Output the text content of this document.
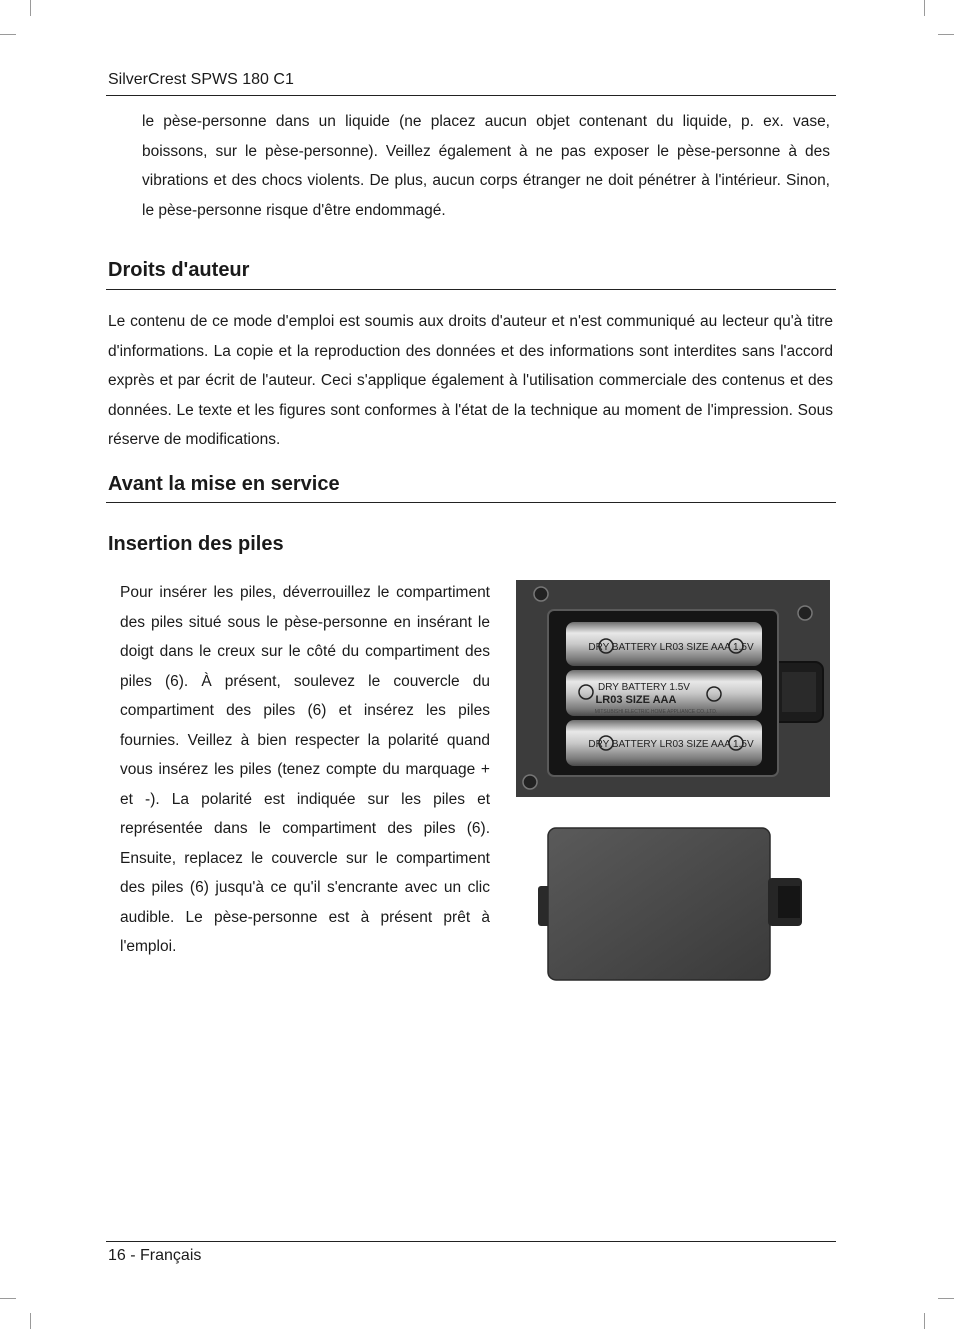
SilverCrest SPWS 180 C1

le pèse-personne dans un liquide (ne placez aucun objet contenant du liquide, p. ex. vase, boissons, sur le pèse-personne). Veillez également à ne pas exposer le pèse-personne à des vibrations et des chocs violents. De plus, aucun corps étranger ne doit pénétrer à l'intérieur. Sinon, le pèse-personne risque d'être endommagé.

Droits d'auteur

Le contenu de ce mode d'emploi est soumis aux droits d'auteur et n'est communiqué au lecteur qu'à titre d'informations. La copie et la reproduction des données et des informations sont interdites sans l'accord exprès et par écrit de l'auteur. Ceci s'applique également à l'utilisation commerciale des contenus et des données. Le texte et les figures sont conformes à l'état de la technique au moment de l'impression. Sous réserve de modifications.

Avant la mise en service
Insertion des piles

Pour insérer les piles, déverrouillez le compartiment des piles situé sous le pèse-personne en insérant le doigt dans le creux sur le côté du compartiment des piles (6). À présent, soulevez le couvercle du compartiment des piles (6) et insérez les piles fournies. Veillez à bien respecter la polarité quand vous insérez les piles (tenez compte du marquage + et -). La polarité est indiquée sur les piles et représentée dans le compartiment des piles (6). Ensuite, replacez le couvercle sur le compartiment des piles (6) jusqu'à ce qu'il s'encrante avec un clic audible. Le pèse-personne est à présent prêt à l'emploi.

DRY BATTERY LR03 SIZE AAA 1.5V
DRY BATTERY 1.5V
LR03 SIZE AAA
MITSUBISHI ELECTRIC HOME APPLIANCE CO.,LTD.
DRY BATTERY LR03 SIZE AAA 1.5V
16 - Français
